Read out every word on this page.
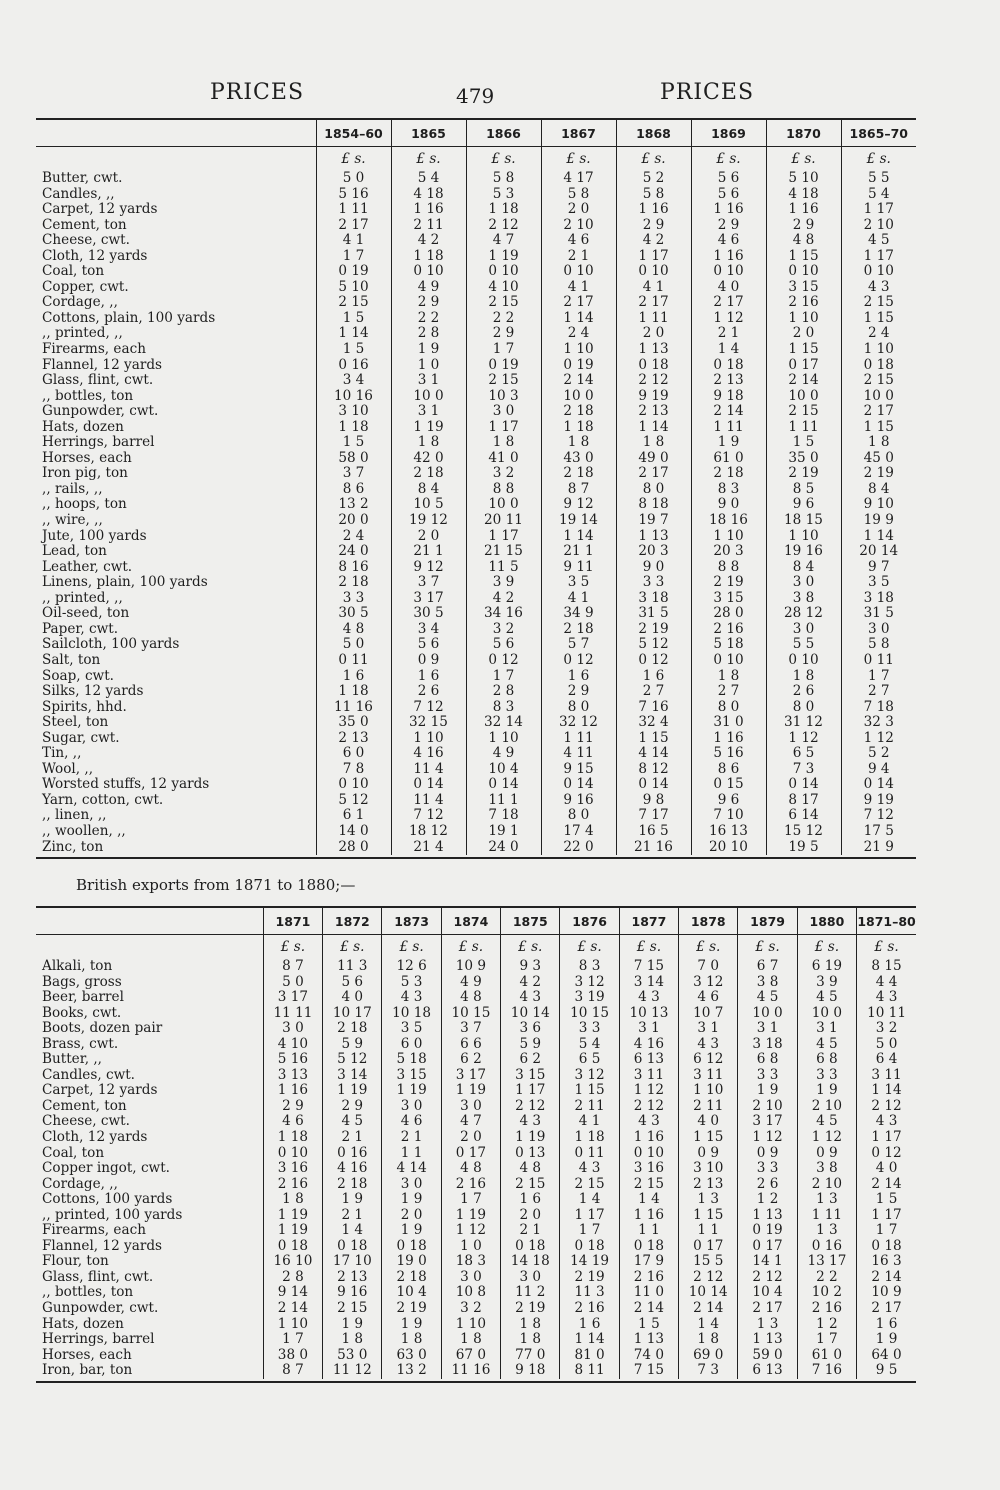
PRICES	479	PRICES
	1854–60	1865	1866	1867	1868	1869	1870	1865–70
	£ s.	£ s.	£ s.	£ s.	£ s.	£ s.	£ s.	£ s.
Butter, cwt.	5 0	5 4	5 8	4 17	5 2	5 6	5 10	5 5
Candles, ,,	5 16	4 18	5 3	5 8	5 8	5 6	4 18	5 4
Carpet, 12 yards	1 11	1 16	1 18	2 0	1 16	1 16	1 16	1 17
Cement, ton	2 17	2 11	2 12	2 10	2 9	2 9	2 9	2 10
Cheese, cwt.	4 1	4 2	4 7	4 6	4 2	4 6	4 8	4 5
Cloth, 12 yards	1 7	1 18	1 19	2 1	1 17	1 16	1 15	1 17
Coal, ton	0 19	0 10	0 10	0 10	0 10	0 10	0 10	0 10
Copper, cwt.	5 10	4 9	4 10	4 1	4 1	4 0	3 15	4 3
Cordage, ,,	2 15	2 9	2 15	2 17	2 17	2 17	2 16	2 15
Cottons, plain, 100 yards	1 5	2 2	2 2	1 14	1 11	1 12	1 10	1 15
,, printed, ,,	1 14	2 8	2 9	2 4	2 0	2 1	2 0	2 4
Firearms, each	1 5	1 9	1 7	1 10	1 13	1 4	1 15	1 10
Flannel, 12 yards	0 16	1 0	0 19	0 19	0 18	0 18	0 17	0 18
Glass, flint, cwt.	3 4	3 1	2 15	2 14	2 12	2 13	2 14	2 15
,, bottles, ton	10 16	10 0	10 3	10 0	9 19	9 18	10 0	10 0
Gunpowder, cwt.	3 10	3 1	3 0	2 18	2 13	2 14	2 15	2 17
Hats, dozen	1 18	1 19	1 17	1 18	1 14	1 11	1 11	1 15
Herrings, barrel	1 5	1 8	1 8	1 8	1 8	1 9	1 5	1 8
Horses, each	58 0	42 0	41 0	43 0	49 0	61 0	35 0	45 0
Iron pig, ton	3 7	2 18	3 2	2 18	2 17	2 18	2 19	2 19
,, rails, ,,	8 6	8 4	8 8	8 7	8 0	8 3	8 5	8 4
,, hoops, ton	13 2	10 5	10 0	9 12	8 18	9 0	9 6	9 10
,, wire, ,,	20 0	19 12	20 11	19 14	19 7	18 16	18 15	19 9
Jute, 100 yards	2 4	2 0	1 17	1 14	1 13	1 10	1 10	1 14
Lead, ton	24 0	21 1	21 15	21 1	20 3	20 3	19 16	20 14
Leather, cwt.	8 16	9 12	11 5	9 11	9 0	8 8	8 4	9 7
Linens, plain, 100 yards	2 18	3 7	3 9	3 5	3 3	2 19	3 0	3 5
,, printed, ,,	3 3	3 17	4 2	4 1	3 18	3 15	3 8	3 18
Oil-seed, ton	30 5	30 5	34 16	34 9	31 5	28 0	28 12	31 5
Paper, cwt.	4 8	3 4	3 2	2 18	2 19	2 16	3 0	3 0
Sailcloth, 100 yards	5 0	5 6	5 6	5 7	5 12	5 18	5 5	5 8
Salt, ton	0 11	0 9	0 12	0 12	0 12	0 10	0 10	0 11
Soap, cwt.	1 6	1 6	1 7	1 6	1 6	1 8	1 8	1 7
Silks, 12 yards	1 18	2 6	2 8	2 9	2 7	2 7	2 6	2 7
Spirits, hhd.	11 16	7 12	8 3	8 0	7 16	8 0	8 0	7 18
Steel, ton	35 0	32 15	32 14	32 12	32 4	31 0	31 12	32 3
Sugar, cwt.	2 13	1 10	1 10	1 11	1 15	1 16	1 12	1 12
Tin, ,,	6 0	4 16	4 9	4 11	4 14	5 16	6 5	5 2
Wool, ,,	7 8	11 4	10 4	9 15	8 12	8 6	7 3	9 4
Worsted stuffs, 12 yards	0 10	0 14	0 14	0 14	0 14	0 15	0 14	0 14
Yarn, cotton, cwt.	5 12	11 4	11 1	9 16	9 8	9 6	8 17	9 19
,, linen, ,,	6 1	7 12	7 18	8 0	7 17	7 10	6 14	7 12
,, woollen, ,,	14 0	18 12	19 1	17 4	16 5	16 13	15 12	17 5
Zinc, ton	28 0	21 4	24 0	22 0	21 16	20 10	19 5	21 9
British exports from 1871 to 1880;—
	1871	1872	1873	1874	1875	1876	1877	1878	1879	1880	1871–80
	£ s.	£ s.	£ s.	£ s.	£ s.	£ s.	£ s.	£ s.	£ s.	£ s.	£ s.
Alkali, ton	8 7	11 3	12 6	10 9	9 3	8 3	7 15	7 0	6 7	6 19	8 15
Bags, gross	5 0	5 6	5 3	4 9	4 2	3 12	3 14	3 12	3 8	3 9	4 4
Beer, barrel	3 17	4 0	4 3	4 8	4 3	3 19	4 3	4 6	4 5	4 5	4 3
Books, cwt.	11 11	10 17	10 18	10 15	10 14	10 15	10 13	10 7	10 0	10 0	10 11
Boots, dozen pair	3 0	2 18	3 5	3 7	3 6	3 3	3 1	3 1	3 1	3 1	3 2
Brass, cwt.	4 10	5 9	6 0	6 6	5 9	5 4	4 16	4 3	3 18	4 5	5 0
Butter, ,,	5 16	5 12	5 18	6 2	6 2	6 5	6 13	6 12	6 8	6 8	6 4
Candles, cwt.	3 13	3 14	3 15	3 17	3 15	3 12	3 11	3 11	3 3	3 3	3 11
Carpet, 12 yards	1 16	1 19	1 19	1 19	1 17	1 15	1 12	1 10	1 9	1 9	1 14
Cement, ton	2 9	2 9	3 0	3 0	2 12	2 11	2 12	2 11	2 10	2 10	2 12
Cheese, cwt.	4 6	4 5	4 6	4 7	4 3	4 1	4 3	4 0	3 17	4 5	4 3
Cloth, 12 yards	1 18	2 1	2 1	2 0	1 19	1 18	1 16	1 15	1 12	1 12	1 17
Coal, ton	0 10	0 16	1 1	0 17	0 13	0 11	0 10	0 9	0 9	0 9	0 12
Copper ingot, cwt.	3 16	4 16	4 14	4 8	4 8	4 3	3 16	3 10	3 3	3 8	4 0
Cordage, ,,	2 16	2 18	3 0	2 16	2 15	2 15	2 15	2 13	2 6	2 10	2 14
Cottons, 100 yards	1 8	1 9	1 9	1 7	1 6	1 4	1 4	1 3	1 2	1 3	1 5
,, printed, 100 yards	1 19	2 1	2 0	1 19	2 0	1 17	1 16	1 15	1 13	1 11	1 17
Firearms, each	1 19	1 4	1 9	1 12	2 1	1 7	1 1	1 1	0 19	1 3	1 7
Flannel, 12 yards	0 18	0 18	0 18	1 0	0 18	0 18	0 18	0 17	0 17	0 16	0 18
Flour, ton	16 10	17 10	19 0	18 3	14 18	14 19	17 9	15 5	14 1	13 17	16 3
Glass, flint, cwt.	2 8	2 13	2 18	3 0	3 0	2 19	2 16	2 12	2 12	2 2	2 14
,, bottles, ton	9 14	9 16	10 4	10 8	11 2	11 3	11 0	10 14	10 4	10 2	10 9
Gunpowder, cwt.	2 14	2 15	2 19	3 2	2 19	2 16	2 14	2 14	2 17	2 16	2 17
Hats, dozen	1 10	1 9	1 9	1 10	1 8	1 6	1 5	1 4	1 3	1 2	1 6
Herrings, barrel	1 7	1 8	1 8	1 8	1 8	1 14	1 13	1 8	1 13	1 7	1 9
Horses, each	38 0	53 0	63 0	67 0	77 0	81 0	74 0	69 0	59 0	61 0	64 0
Iron, bar, ton	8 7	11 12	13 2	11 16	9 18	8 11	7 15	7 3	6 13	7 16	9 5
